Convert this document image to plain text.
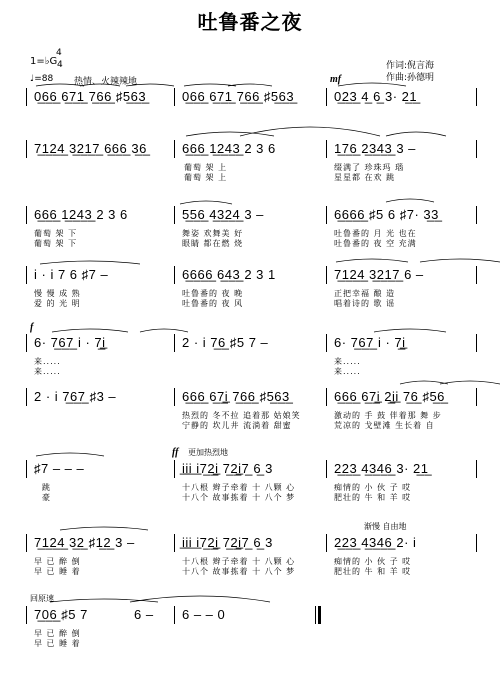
吐鲁番之夜
作词:倪言海
作曲:孙德明
1=♭G
4
4
♩=88 热情、火辣辣地
0̲6̲6̲ 6̲7̲1̲ 7̲6̲6̲ ♯5̲6̲3̲	0̲6̲6̲ 6̲7̲1̲ 7̲6̲6̲ ♯5̲6̲3̲	0̲2̲3̲ 4̲ 6̲ 3· 2̲1̲
mf
7̲1̲2̲4̲ 3̲2̲1̲7̲ 6̲6̲6̲ 3̲6̲	6̲6̲6̲ 1̲2̲4̲3̲ 2 3 6	1̲7̲6̲ 2̲3̲4̲3̲ 3 –
葡萄 架 上
葡萄 架 上
缀满了 珍珠玛 瑙
星星都 在欢 跳
6̲6̲6̲ 1̲2̲4̲3̲ 2 3 6	5̲5̲6̲ 4̲3̲2̲4̲ 3 –	6̲6̲6̲6̲ ♯5 6 ♯7· 3̲3̲
葡萄 架 下
葡萄 架 下
舞姿 欢舞美 好
眼睛 都在燃 烧
吐鲁番的 月 光 也在
吐鲁番的 夜 空 充满
i · i 7 6 ♯7 –	6̲6̲6̲6̲ 6̲4̲3̲ 2 3 1	7̲1̲2̲4̲ 3̲2̲1̲7̲ 6 –
慢 慢 成 熟
爱 的 光 明
吐鲁番的 夜 晚
吐鲁番的 夜 风
正把幸福 酿 造
唱着诗的 歌 谣
6· 7̲6̲7̲ i · 7̲i̲	2 · i 7̲6̲ ♯5 7 –	6· 7̲6̲7̲ i · 7̲i̲
f
来.....
来.....
来.....
来.....
2 · i 7̲6̲7̲ ♯3 –	6̲6̲6̲ 6̲7̲i̲ 7̲6̲6̲ ♯5̲6̲3̲	6̲6̲6̲ 6̲7̲i̲ 2̲i̲i̲ 7̲6̲ ♯5̲6̲
热烈的 冬不拉 追着那 姑娘笑
宁静的 坎儿井 流淌着 甜蜜
激动的 手 鼓 伴着那 舞 步
荒凉的 戈壁滩 生长着 自
♯7 – – –	i̲i̲i̲ i̲7̲2̲i̲ 7̲2̲i̲7̲ 6̲ 3	2̲2̲3̲ 4̲3̲4̲6̲ 3· 2̲1̲
ff 更加热烈地
跳
豪
十八根 辫子牵着 十 八颗 心
十八个 故事拣着 十 八个 梦
痴情的 小 伙 子 哎
肥壮的 牛 和 羊 哎
7̲1̲2̲4̲ 3̲2̲ ♯1̲2̲ 3 –	i̲i̲i̲ i̲7̲2̲i̲ 7̲2̲i̲7̲ 6̲ 3	2̲2̲3̲ 4̲3̲4̲6̲ 2· i
渐慢 自由地
早 已 醉 倒
早 已 睡 着
十八根 辫子牵着 十 八颗 心
十八个 故事拣着 十 八个 梦
痴情的 小 伙 子 哎
肥壮的 牛 和 羊 哎
7̲0̲6̲ ♯5 7	6 – 6 – – 0
回原速
早 已 醉 倒
早 已 睡 着
